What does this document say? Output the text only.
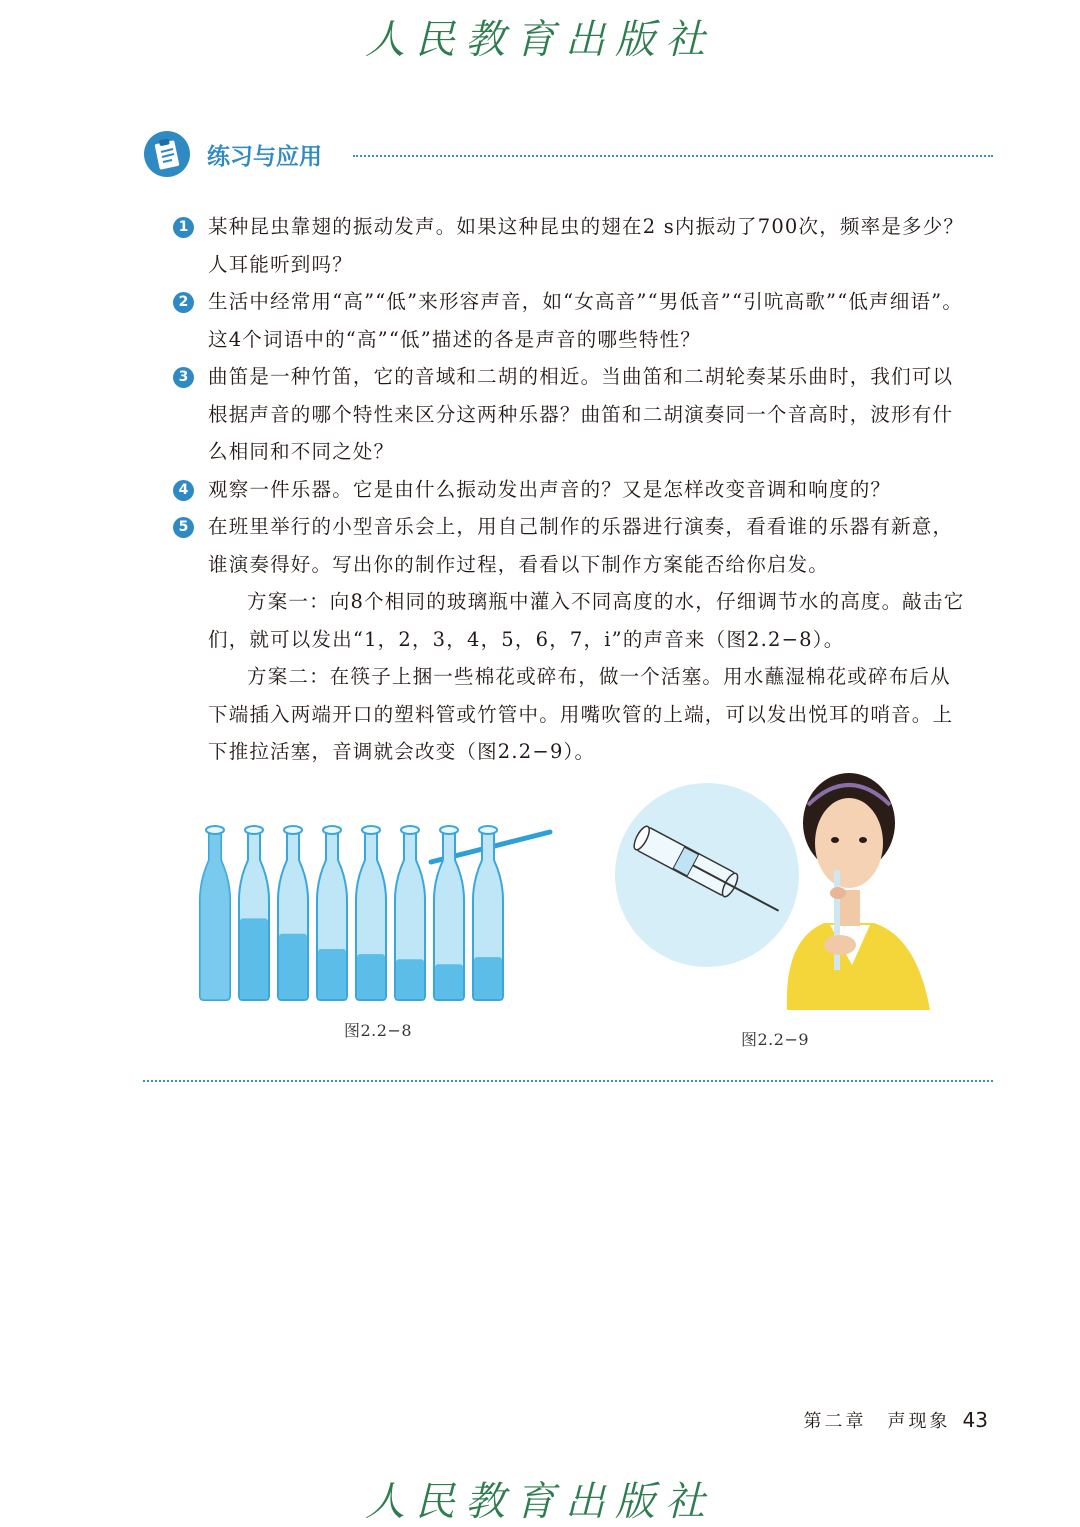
人民教育出版社
练习与应用
1 某种昆虫靠翅的振动发声。如果这种昆虫的翅在2 s内振动了700次，频率是多少？人耳能听到吗？
2 生活中经常用“高”“低”来形容声音，如“女高音”“男低音”“引吭高歌”“低声细语”。这4个词语中的“高”“低”描述的各是声音的哪些特性？
3 曲笛是一种竹笛，它的音域和二胡的相近。当曲笛和二胡轮奏某乐曲时，我们可以根据声音的哪个特性来区分这两种乐器？曲笛和二胡演奏同一个音高时，波形有什么相同和不同之处？
4 观察一件乐器。它是由什么振动发出声音的？又是怎样改变音调和响度的？
5 在班里举行的小型音乐会上，用自己制作的乐器进行演奏，看看谁的乐器有新意，谁演奏得好。写出你的制作过程，看看以下制作方案能否给你启发。
方案一：向8个相同的玻璃瓶中灌入不同高度的水，仔细调节水的高度。敲击它们，就可以发出“1，2，3，4，5，6，7，i”的声音来（图2.2−8）。
方案二：在筷子上捆一些棉花或碎布，做一个活塞。用水蘸湿棉花或碎布后从下端插入两端开口的塑料管或竹管中。用嘴吹管的上端，可以发出悦耳的哨音。上下推拉活塞，音调就会改变（图2.2−9）。
图2.2−8	图2.2−9
第二章　声现象 43
人民教育出版社
